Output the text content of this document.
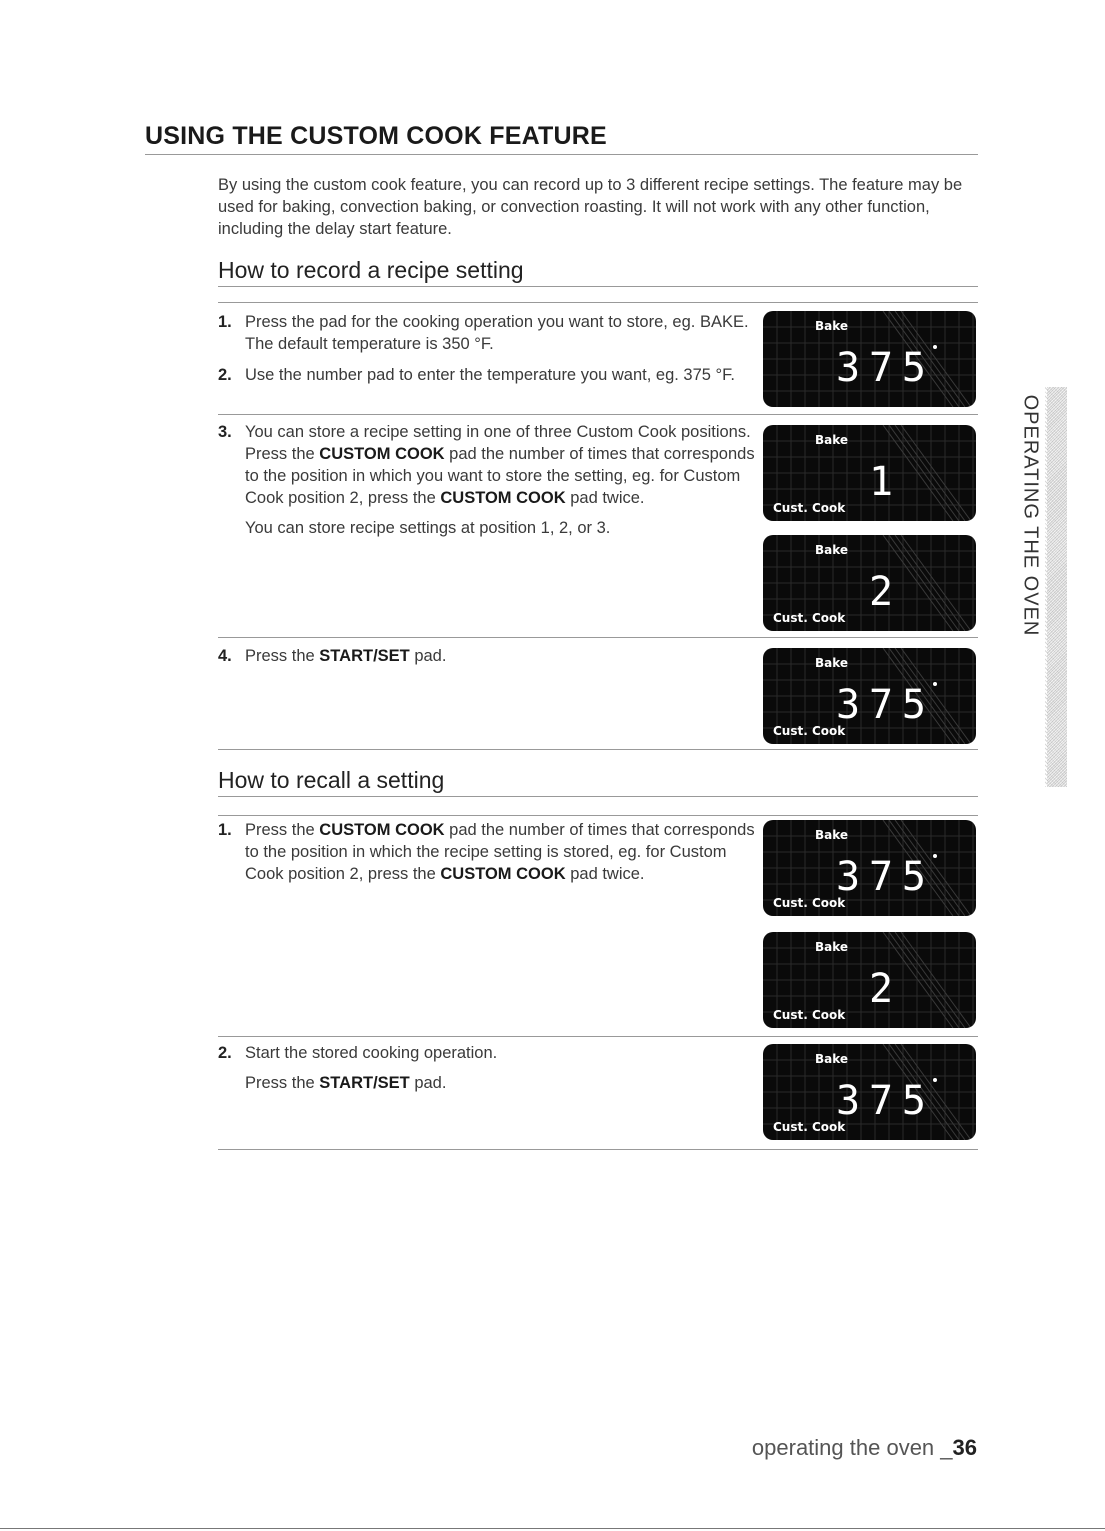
USING THE CUSTOM COOK FEATURE
By using the custom cook feature, you can record up to 3 different recipe settings. The feature may be used for baking, convection baking, or convection roasting. It will not work with any other function, including the delay start feature.
How to record a recipe setting
1. Press the pad for the cooking operation you want to store, eg. BAKE. The default temperature is 350 °F.

2. Use the number pad to enter the temperature you want, eg. 375 °F.

3. You can store a recipe setting in one of three Custom Cook positions. Press the CUSTOM COOK pad the number of times that corresponds to the position in which you want to store the setting, eg. for Custom Cook position 2, press the CUSTOM COOK pad twice.

You can store recipe settings at position 1, 2, or 3.

4. Press the START/SET pad.

How to recall a setting
1. Press the CUSTOM COOK pad the number of times that corresponds to the position in which the recipe setting is stored, eg. for Custom Cook position 2, press the CUSTOM COOK pad twice.

2. Start the stored cooking operation.

Press the START/SET pad.

Bake
375
Bake
1
Cust. Cook
Bake
2
Cust. Cook
Bake
375
Cust. Cook
Bake
375
Cust. Cook
Bake
2
Cust. Cook
Bake
375
Cust. Cook
OPERATING THE OVEN
operating the oven _36
